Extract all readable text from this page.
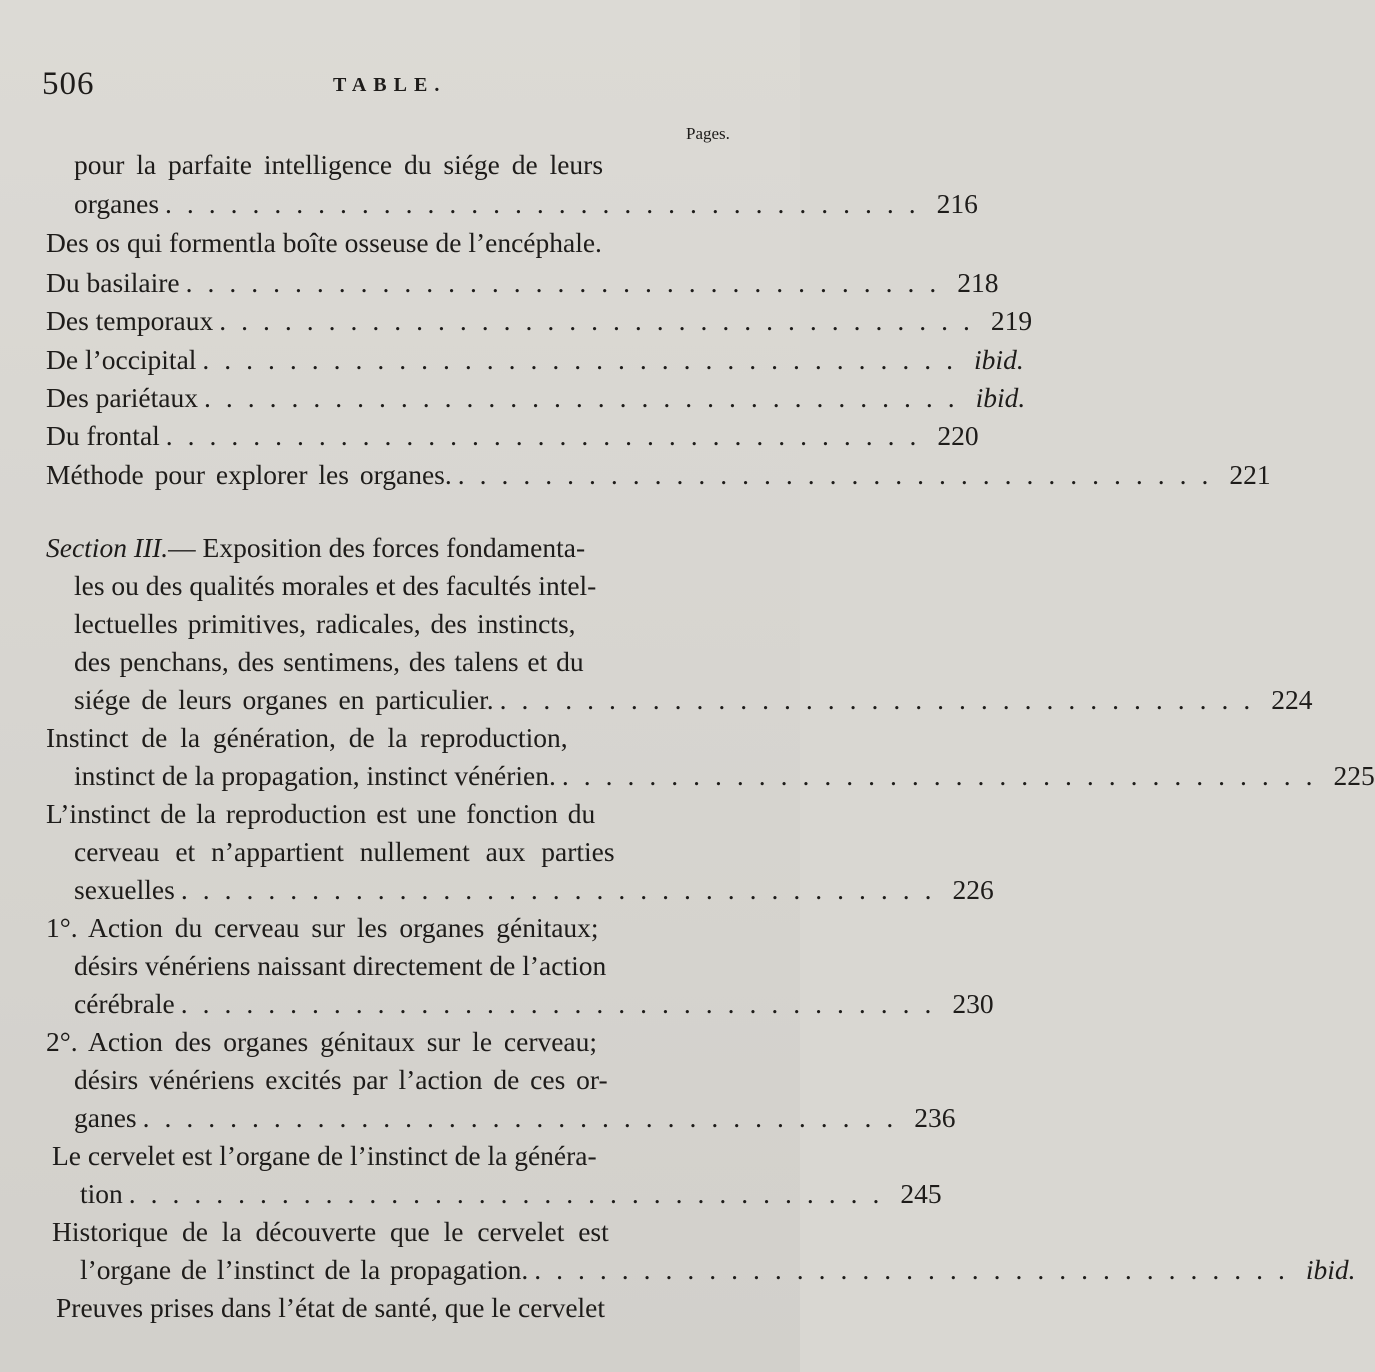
506	TABLE.
Pages.
pour la parfaite intelligence du siége de leurs
organes ................................... 216
Des os qui formentla boîte osseuse de l’encéphale.
Du basilaire ................................... 218
Des temporaux ................................... 219
De l’occipital ................................... ibid.
Des pariétaux ................................... ibid.
Du frontal ................................... 220
Méthode pour explorer les organes. ................................... 221
Section III.— Exposition des forces fondamenta-
les ou des qualités morales et des facultés intel-
lectuelles primitives, radicales, des instincts,
des penchans, des sentimens, des talens et du
siége de leurs organes en particulier. ................................... 224
Instinct de la génération, de la reproduction,
instinct de la propagation, instinct vénérien. ................................... 225
L’instinct de la reproduction est une fonction du
cerveau et n’appartient nullement aux parties
sexuelles ................................... 226
1°. Action du cerveau sur les organes génitaux;
désirs vénériens naissant directement de l’action
cérébrale ................................... 230
2°. Action des organes génitaux sur le cerveau;
désirs vénériens excités par l’action de ces or-
ganes ................................... 236
Le cervelet est l’organe de l’instinct de la généra-
tion ................................... 245
Historique de la découverte que le cervelet est
l’organe de l’instinct de la propagation. ................................... ibid.
Preuves prises dans l’état de santé, que le cervelet
